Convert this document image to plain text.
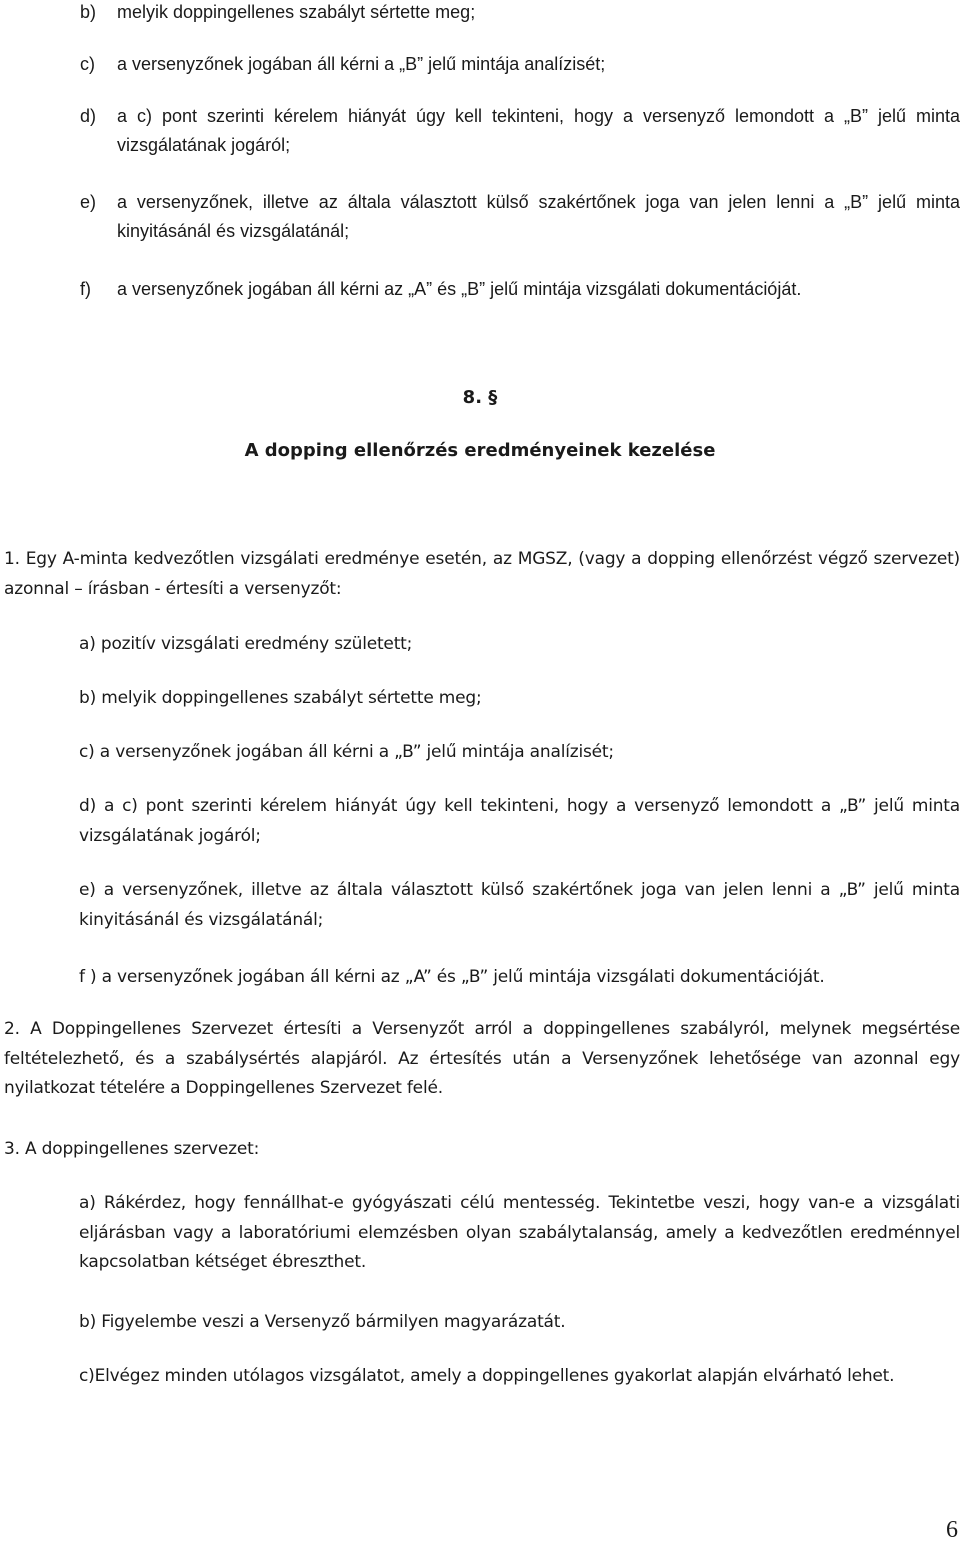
b) melyik doppingellenes szabályt sértette meg;

c) a versenyzőnek jogában áll kérni a „B” jelű mintája analízisét;

d) a c) pont szerinti kérelem hiányát úgy kell tekinteni, hogy a versenyző lemondott a „B” jelű minta vizsgálatának jogáról;

e) a versenyzőnek, illetve az általa választott külső szakértőnek joga van jelen lenni a „B” jelű minta kinyitásánál és vizsgálatánál;

f) a versenyzőnek jogában áll kérni az „A” és „B” jelű mintája vizsgálati dokumentációját.

8. §
A dopping ellenőrzés eredményeinek kezelése

1. Egy A-minta kedvezőtlen vizsgálati eredménye esetén, az MGSZ, (vagy a dopping ellenőrzést végző szervezet) azonnal – írásban - értesíti a versenyzőt:

a) pozitív vizsgálati eredmény született;

b) melyik doppingellenes szabályt sértette meg;

c) a versenyzőnek jogában áll kérni a „B” jelű mintája analízisét;

d) a c) pont szerinti kérelem hiányát úgy kell tekinteni, hogy a versenyző lemondott a „B” jelű minta vizsgálatának jogáról;

e) a versenyzőnek, illetve az általa választott külső szakértőnek joga van jelen lenni a „B” jelű minta kinyitásánál és vizsgálatánál;

f ) a versenyzőnek jogában áll kérni az „A” és „B” jelű mintája vizsgálati dokumentációját.

2. A Doppingellenes Szervezet értesíti a Versenyzőt arról a doppingellenes szabályról, melynek megsértése feltételezhető, és a szabálysértés alapjáról. Az értesítés után a Versenyzőnek lehetősége van azonnal egy nyilatkozat tételére a Doppingellenes Szervezet felé.

3. A doppingellenes szervezet:

a) Rákérdez, hogy fennállhat-e gyógyászati célú mentesség. Tekintetbe veszi, hogy van-e a vizsgálati eljárásban vagy a laboratóriumi elemzésben olyan szabálytalanság, amely a kedvezőtlen eredménnyel kapcsolatban kétséget ébreszthet.

b) Figyelembe veszi a Versenyző bármilyen magyarázatát.

c)Elvégez minden utólagos vizsgálatot, amely a doppingellenes gyakorlat alapján elvárható lehet.

6
